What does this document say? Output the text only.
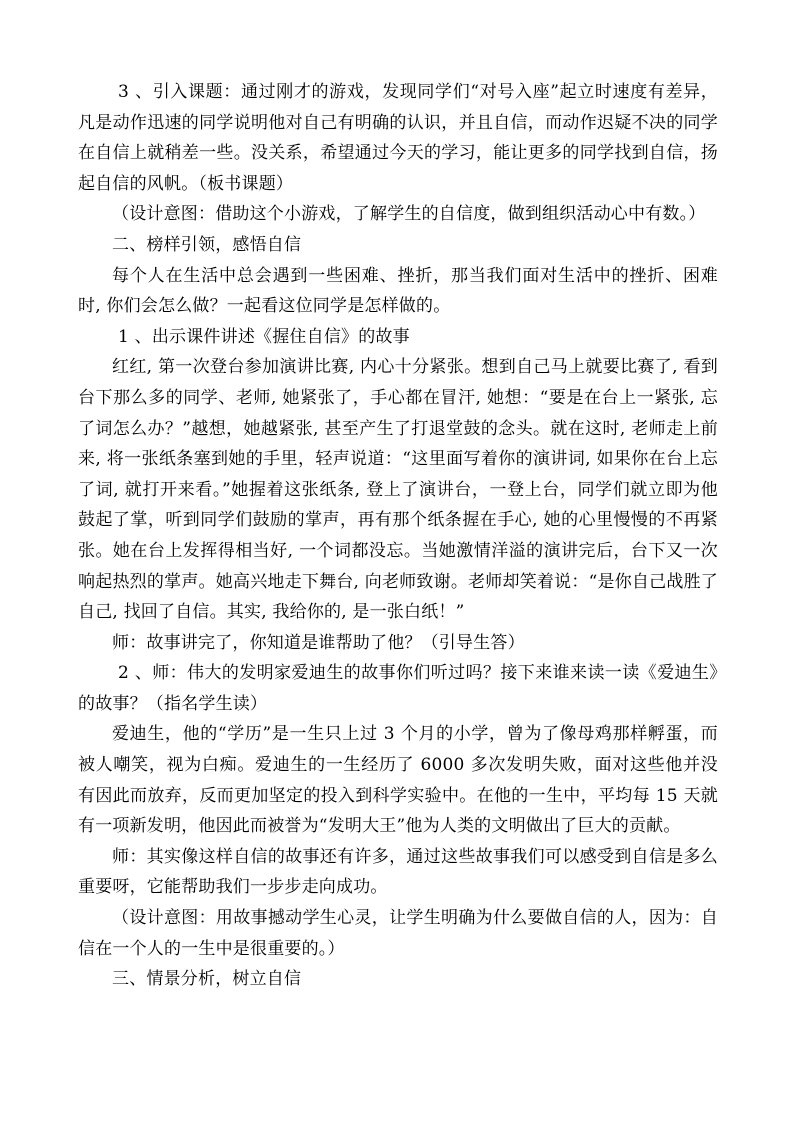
3 、引入课题：通过刚才的游戏，发现同学们“对号入座”起立时速度有差异，凡是动作迅速的同学说明他对自己有明确的认识，并且自信，而动作迟疑不决的同学在自信上就稍差一些。没关系，希望通过今天的学习，能让更多的同学找到自信，扬起自信的风帆。（板书课题）

（设计意图：借助这个小游戏，了解学生的自信度，做到组织活动心中有数。）

二、榜样引领，感悟自信

每个人在生活中总会遇到一些困难、挫折，那当我们面对生活中的挫折、困难时, 你们会怎么做？一起看这位同学是怎样做的。

1 、出示课件讲述《握住自信》的故事

红红, 第一次登台参加演讲比赛, 内心十分紧张。想到自己马上就要比赛了, 看到台下那么多的同学、老师, 她紧张了，手心都在冒汗, 她想：“要是在台上一紧张, 忘了词怎么办？”越想，她越紧张, 甚至产生了打退堂鼓的念头。就在这时, 老师走上前来, 将一张纸条塞到她的手里，轻声说道：“这里面写着你的演讲词, 如果你在台上忘了词, 就打开来看。”她握着这张纸条, 登上了演讲台，一登上台，同学们就立即为他鼓起了掌，听到同学们鼓励的掌声，再有那个纸条握在手心, 她的心里慢慢的不再紧张。她在台上发挥得相当好, 一个词都没忘。当她激情洋溢的演讲完后，台下又一次响起热烈的掌声。她高兴地走下舞台, 向老师致谢。老师却笑着说：“是你自己战胜了自己, 找回了自信。其实, 我给你的, 是一张白纸！”

师：故事讲完了，你知道是谁帮助了他？（引导生答）

2 、师：伟大的发明家爱迪生的故事你们听过吗？接下来谁来读一读《爱迪生》的故事？（指名学生读）

爱迪生，他的“学历”是一生只上过 3 个月的小学，曾为了像母鸡那样孵蛋，而被人嘲笑，视为白痴。爱迪生的一生经历了 6000 多次发明失败，面对这些他并没有因此而放弃，反而更加坚定的投入到科学实验中。在他的一生中，平均每 15 天就有一项新发明，他因此而被誉为“发明大王”他为人类的文明做出了巨大的贡献。

师：其实像这样自信的故事还有许多，通过这些故事我们可以感受到自信是多么重要呀，它能帮助我们一步步走向成功。

（设计意图：用故事撼动学生心灵，让学生明确为什么要做自信的人，因为：自信在一个人的一生中是很重要的。）

三、情景分析，树立自信
